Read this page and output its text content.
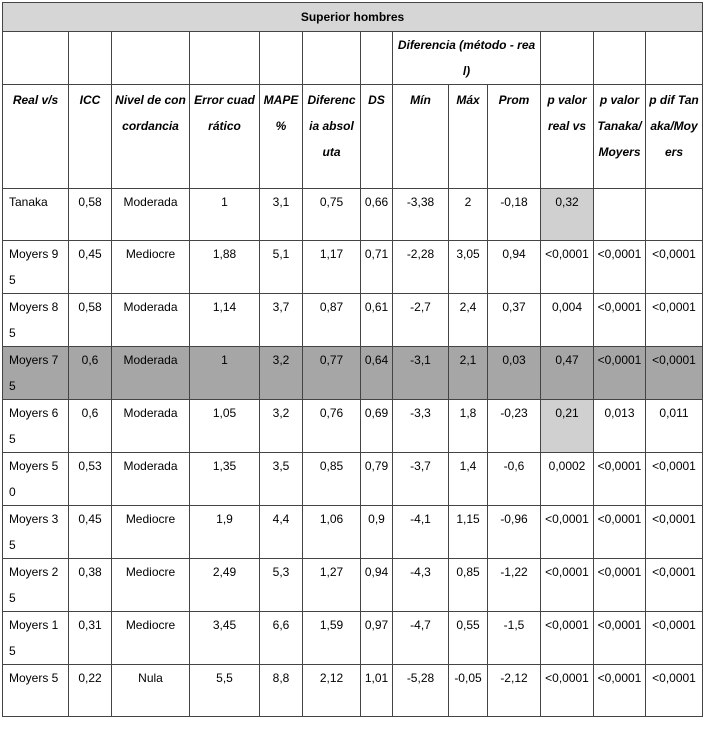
Superior hombres												
							Diferencia (método - real)					
Real v/s	ICC	Nivel de concordancia	Error cuadrático	MAPE %	Diferencia absoluta	DS	Mín	Máx	Prom	p valor real vs	p valor Tanaka/Moyers	p dif Tanaka/Moyers
Tanaka	0,58	Moderada	1	3,1	0,75	0,66	-3,38	2	-0,18	0,32		
Moyers 95	0,45	Mediocre	1,88	5,1	1,17	0,71	-2,28	3,05	0,94	<0,0001	<0,0001	<0,0001
Moyers 85	0,58	Moderada	1,14	3,7	0,87	0,61	-2,7	2,4	0,37	0,004	<0,0001	<0,0001
Moyers 75	0,6	Moderada	1	3,2	0,77	0,64	-3,1	2,1	0,03	0,47	<0,0001	<0,0001
Moyers 65	0,6	Moderada	1,05	3,2	0,76	0,69	-3,3	1,8	-0,23	0,21	0,013	0,011
Moyers 50	0,53	Moderada	1,35	3,5	0,85	0,79	-3,7	1,4	-0,6	0,0002	<0,0001	<0,0001
Moyers 35	0,45	Mediocre	1,9	4,4	1,06	0,9	-4,1	1,15	-0,96	<0,0001	<0,0001	<0,0001
Moyers 25	0,38	Mediocre	2,49	5,3	1,27	0,94	-4,3	0,85	-1,22	<0,0001	<0,0001	<0,0001
Moyers 15	0,31	Mediocre	3,45	6,6	1,59	0,97	-4,7	0,55	-1,5	<0,0001	<0,0001	<0,0001
Moyers 5	0,22	Nula	5,5	8,8	2,12	1,01	-5,28	-0,05	-2,12	<0,0001	<0,0001	<0,0001
